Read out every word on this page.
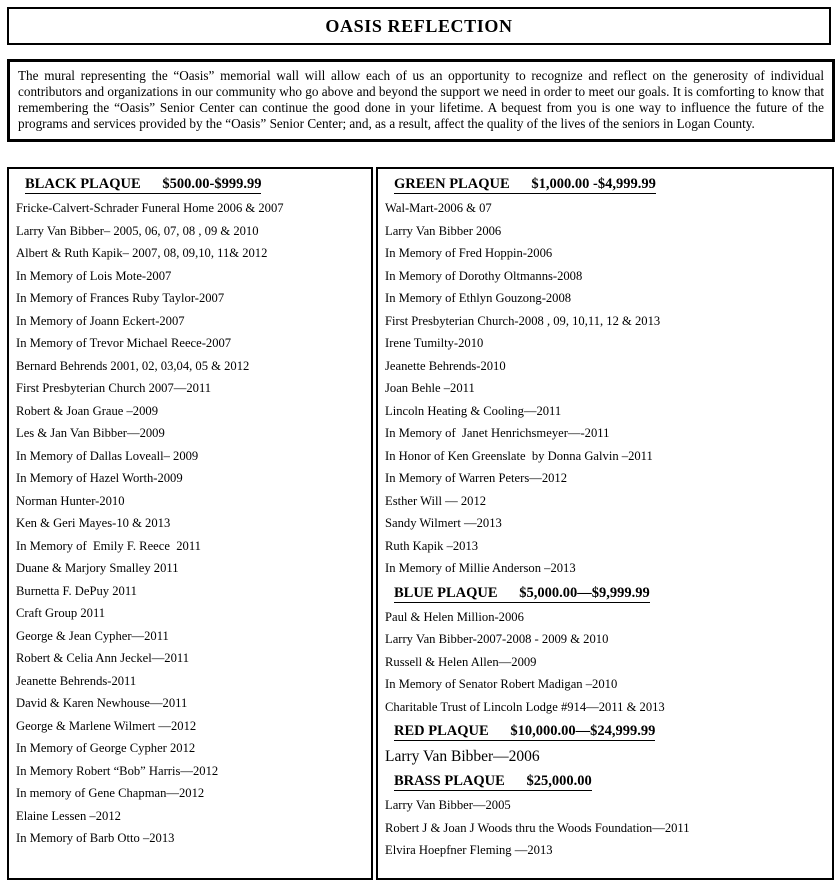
OASIS REFLECTION
The mural representing the “Oasis” memorial wall will allow each of us an opportunity to recognize and reflect on the generosity of individual contributors and organizations in our community who go above and beyond the support we need in order to meet our goals. It is comforting to know that remembering the “Oasis” Senior Center can continue the good done in your lifetime. A bequest from you is one way to influence the future of the programs and services provided by the “Oasis” Senior Center; and, as a result, affect the quality of the lives of the seniors in Logan County.
BLACK PLAQUE $500.00-$999.99

Fricke-Calvert-Schrader Funeral Home 2006 & 2007

Larry Van Bibber– 2005, 06, 07, 08 , 09 & 2010

Albert & Ruth Kapik– 2007, 08, 09,10, 11& 2012

In Memory of Lois Mote-2007

In Memory of Frances Ruby Taylor-2007

In Memory of Joann Eckert-2007

In Memory of Trevor Michael Reece-2007

Bernard Behrends 2001, 02, 03,04, 05 & 2012

First Presbyterian Church 2007—2011

Robert & Joan Graue –2009

Les & Jan Van Bibber—2009

In Memory of Dallas Loveall– 2009

In Memory of Hazel Worth-2009

Norman Hunter-2010

Ken & Geri Mayes-10 & 2013

In Memory of  Emily F. Reece  2011

Duane & Marjory Smalley 2011

Burnetta F. DePuy 2011

Craft Group 2011

George & Jean Cypher—2011

Robert & Celia Ann Jeckel—2011

Jeanette Behrends-2011

David & Karen Newhouse—2011

George & Marlene Wilmert —2012

In Memory of George Cypher 2012

In Memory Robert “Bob” Harris—2012

In memory of Gene Chapman—2012

Elaine Lessen –2012

In Memory of Barb Otto –2013

GREEN PLAQUE $1,000.00 -$4,999.99

Wal-Mart-2006 & 07

Larry Van Bibber 2006

In Memory of Fred Hoppin-2006

In Memory of Dorothy Oltmanns-2008

In Memory of Ethlyn Gouzong-2008

First Presbyterian Church-2008 , 09, 10,11, 12 & 2013

Irene Tumilty-2010

Jeanette Behrends-2010

Joan Behle –2011

Lincoln Heating & Cooling—2011

In Memory of  Janet Henrichsmeyer—-2011

In Honor of Ken Greenslate  by Donna Galvin –2011

In Memory of Warren Peters—2012

Esther Will — 2012

Sandy Wilmert —2013

Ruth Kapik –2013

In Memory of Millie Anderson –2013

BLUE PLAQUE $5,000.00—$9,999.99

Paul & Helen Million-2006

Larry Van Bibber-2007-2008 - 2009 & 2010

Russell & Helen Allen—2009

In Memory of Senator Robert Madigan –2010

Charitable Trust of Lincoln Lodge #914—2011 & 2013

RED PLAQUE $10,000.00—$24,999.99

Larry Van Bibber—2006

BRASS PLAQUE $25,000.00

Larry Van Bibber—2005

Robert J & Joan J Woods thru the Woods Foundation—2011

Elvira Hoepfner Fleming —2013
